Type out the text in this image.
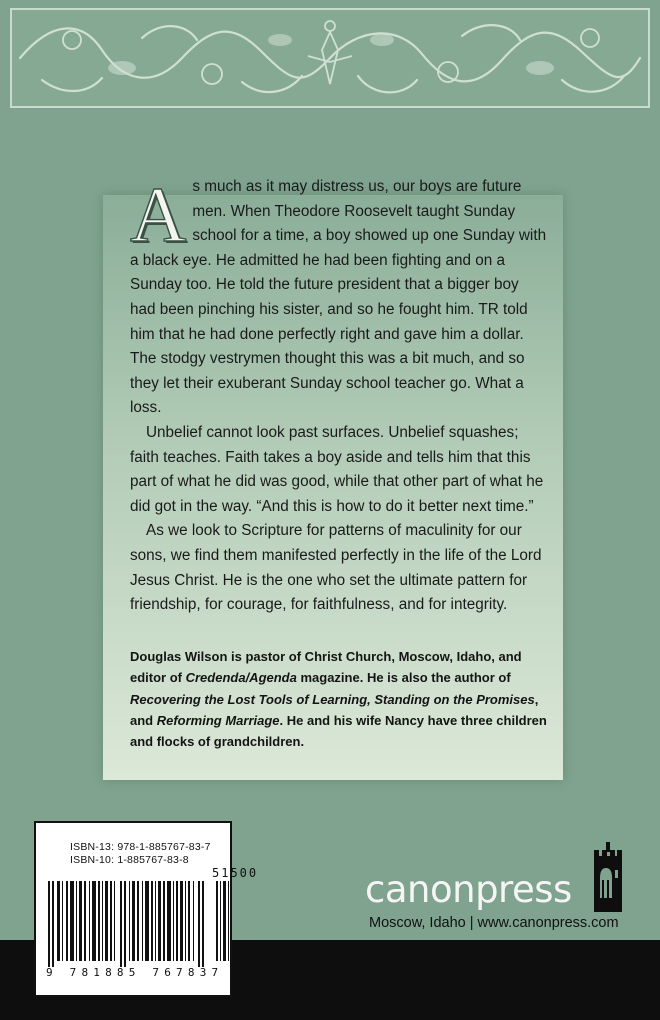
As much as it may distress us, our boys are future men. When Theodore Roosevelt taught Sunday school for a time, a boy showed up one Sunday with a black eye. He admitted he had been fighting and on a Sunday too. He told the future president that a bigger boy had been pinching his sister, and so he fought him. TR told him that he had done perfectly right and gave him a dollar. The stodgy vestrymen thought this was a bit much, and so they let their exuberant Sunday school teacher go. What a loss.

Unbelief cannot look past surfaces. Unbelief squashes; faith teaches. Faith takes a boy aside and tells him that this part of what he did was good, while that other part of what he did got in the way. “And this is how to do it better next time.”

As we look to Scripture for patterns of maculinity for our sons, we find them manifested perfectly in the life of the Lord Jesus Christ. He is the one who set the ultimate pattern for friendship, for courage, for faithfulness, and for integrity.

Douglas Wilson is pastor of Christ Church, Moscow, Idaho, and editor of Credenda/Agenda magazine. He is also the author of Recovering the Lost Tools of Learning, Standing on the Promises, and Reforming Marriage. He and his wife Nancy have three children and flocks of grandchildren.

ISBN-13: 978-1-885767-83-7
ISBN-10: 1-885767-83-8
51500
9 781885 767837
canonpress
Moscow, Idaho | www.canonpress.com
